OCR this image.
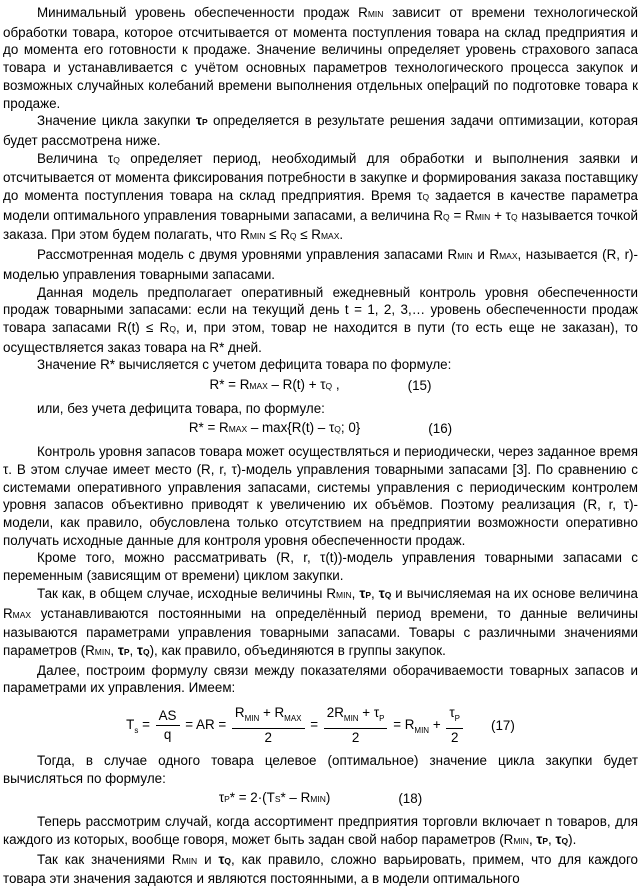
Минимальный уровень обеспеченности продаж RMIN зависит от времени технологической обработки товара, которое отсчитывается от момента поступления товара на склад предприятия и до момента его готовности к продаже. Значение величины определяет уровень страхового запаса товара и устанавливается с учётом основных параметров технологического процесса закупок и возможных случайных колебаний времени выполнения отдельных опе раций по подготовке товара к продаже.

Значение цикла закупки τP определяется в результате решения задачи оптимизации, которая будет рассмотрена ниже.

Величина τQ определяет период, необходимый для обработки и выполнения заявки и отсчитывается от момента фиксирования потребности в закупке и формирования заказа поставщику до момента поступления товара на склад предприятия. Время τQ задается в качестве параметра модели оптимального управления товарными запасами, а величина RQ = RMIN + τQ называется точкой заказа. При этом будем полагать, что RMIN ≤ RQ ≤ RMAX.

Рассмотренная модель с двумя уровнями управления запасами RMIN и RMAX, называется (R, r)-моделью управления товарными запасами.

Данная модель предполагает оперативный ежедневный контроль уровня обеспеченности продаж товарными запасами: если на текущий день t = 1, 2, 3,… уровень обеспеченности продаж товара запасами R(t) ≤ RQ, и, при этом, товар не находится в пути (то есть еще не заказан), то осуществляется заказ товара на R* дней.

Значение R* вычисляется с учетом дефицита товара по формуле:

R* = RMAX – R(t) + τQ ,	(15)

или, без учета дефицита товара, по формуле:

R* = RMAX – max{R(t) – τQ; 0}	(16)

Контроль уровня запасов товара может осуществляться и периодически, через заданное время τ. В этом случае имеет место (R, r, τ)-модель управления товарными запасами [3]. По сравнению с системами оперативного управления запасами, системы управления с периодическим контролем уровня запасов объективно приводят к увеличению их объёмов. Поэтому реализация (R, r, τ)-модели, как правило, обусловлена только отсутствием на предприятии возможности оперативно получать исходные данные для контроля уровня обеспеченности продаж.

Кроме того, можно рассматривать (R, r, τ(t))-модель управления товарными запасами с переменным (зависящим от времени) циклом закупки.

Так как, в общем случае, исходные величины RMIN, τP, τQ и вычисляемая на их основе величина RMAX устанавливаются постоянными на определённый период времени, то данные величины называются параметрами управления товарными запасами. Товары с различными значениями параметров (RMIN, τP, τQ), как правило, объединяются в группы закупок.

Далее, построим формулу связи между показателями оборачиваемости товарных запасов и параметрами их управления. Имеем:

$T_s = \frac{AS}{q}$ = AR = $\frac{R_{MIN} + R_{MAX}}{2} = \frac{2R_{MIN} + \tau_P}{2} = R_{MIN} + \frac{\tau_P}{2} (17)$

Тогда, в случае одного товара целевое (оптимальное) значение цикла закупки будет вычисляться по формуле:

τP* = 2·(TS* – RMIN)	(18)

Теперь рассмотрим случай, когда ассортимент предприятия торговли включает n товаров, для каждого из которых, вообще говоря, может быть задан свой набор параметров (RMIN, τP, τQ).

Так как значениями RMIN и τQ, как правило, сложно варьировать, примем, что для каждого товара эти значения задаются и являются постоянными, а в модели оптимального
